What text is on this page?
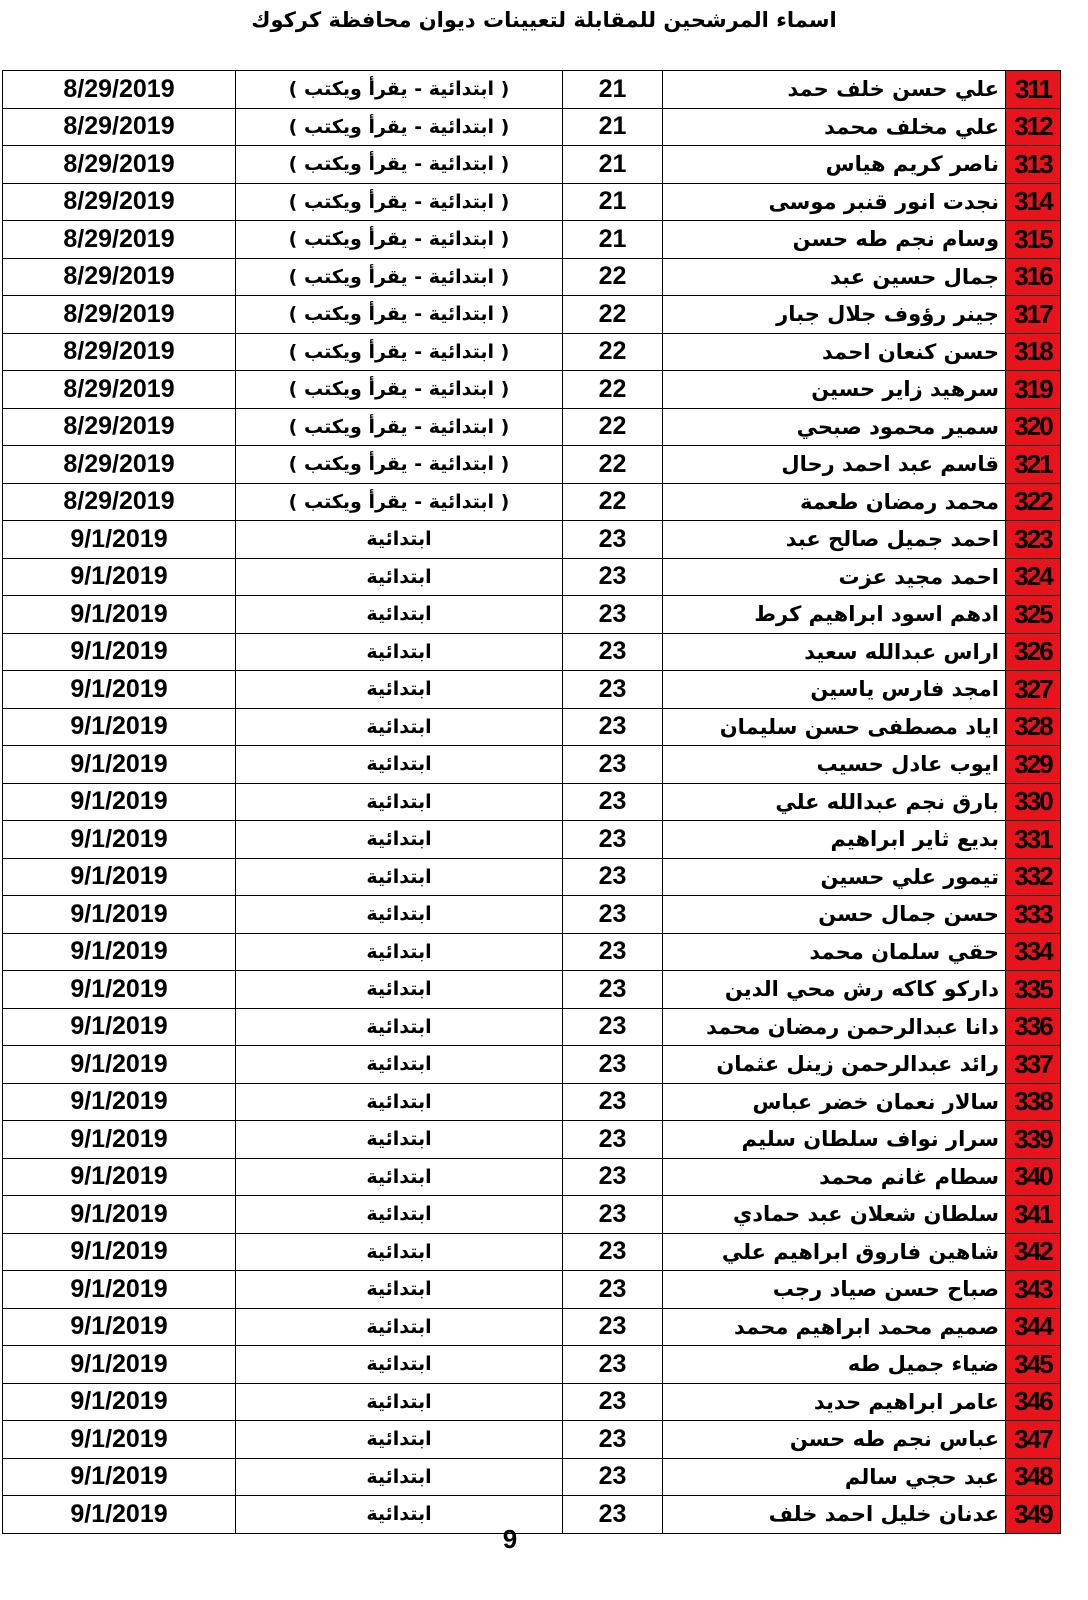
اسماء المرشحين للمقابلة لتعيينات ديوان محافظة كركوك
8/29/2019	( ابتدائية - يقرأ ويكتب )	21	علي حسن خلف حمد	311
8/29/2019	( ابتدائية - يقرأ ويكتب )	21	علي مخلف محمد	312
8/29/2019	( ابتدائية - يقرأ ويكتب )	21	ناصر كريم هياس	313
8/29/2019	( ابتدائية - يقرأ ويكتب )	21	نجدت انور قنبر موسى	314
8/29/2019	( ابتدائية - يقرأ ويكتب )	21	وسام نجم طه حسن	315
8/29/2019	( ابتدائية - يقرأ ويكتب )	22	جمال حسين عبد	316
8/29/2019	( ابتدائية - يقرأ ويكتب )	22	جينر رؤوف جلال جبار	317
8/29/2019	( ابتدائية - يقرأ ويكتب )	22	حسن كنعان احمد	318
8/29/2019	( ابتدائية - يقرأ ويكتب )	22	سرهيد زاير حسين	319
8/29/2019	( ابتدائية - يقرأ ويكتب )	22	سمير محمود صبحي	320
8/29/2019	( ابتدائية - يقرأ ويكتب )	22	قاسم عبد احمد رحال	321
8/29/2019	( ابتدائية - يقرأ ويكتب )	22	محمد رمضان طعمة	322
9/1/2019	ابتدائية	23	احمد جميل صالح عبد	323
9/1/2019	ابتدائية	23	احمد مجيد عزت	324
9/1/2019	ابتدائية	23	ادهم اسود ابراهيم كرط	325
9/1/2019	ابتدائية	23	اراس عبدالله سعيد	326
9/1/2019	ابتدائية	23	امجد فارس ياسين	327
9/1/2019	ابتدائية	23	اياد مصطفى حسن سليمان	328
9/1/2019	ابتدائية	23	ايوب عادل حسيب	329
9/1/2019	ابتدائية	23	بارق نجم عبدالله علي	330
9/1/2019	ابتدائية	23	بديع ثاير ابراهيم	331
9/1/2019	ابتدائية	23	تيمور علي حسين	332
9/1/2019	ابتدائية	23	حسن جمال حسن	333
9/1/2019	ابتدائية	23	حقي سلمان محمد	334
9/1/2019	ابتدائية	23	داركو كاكه رش محي الدين	335
9/1/2019	ابتدائية	23	دانا عبدالرحمن رمضان محمد	336
9/1/2019	ابتدائية	23	رائد عبدالرحمن زينل عثمان	337
9/1/2019	ابتدائية	23	سالار نعمان خضر عباس	338
9/1/2019	ابتدائية	23	سرار نواف سلطان سليم	339
9/1/2019	ابتدائية	23	سطام غانم محمد	340
9/1/2019	ابتدائية	23	سلطان شعلان عبد حمادي	341
9/1/2019	ابتدائية	23	شاهين فاروق ابراهيم علي	342
9/1/2019	ابتدائية	23	صباح حسن صياد رجب	343
9/1/2019	ابتدائية	23	صميم محمد ابراهيم محمد	344
9/1/2019	ابتدائية	23	ضياء جميل طه	345
9/1/2019	ابتدائية	23	عامر ابراهيم حديد	346
9/1/2019	ابتدائية	23	عباس نجم طه حسن	347
9/1/2019	ابتدائية	23	عبد حجي سالم	348
9/1/2019	ابتدائية	23	عدنان خليل احمد خلف	349
9
